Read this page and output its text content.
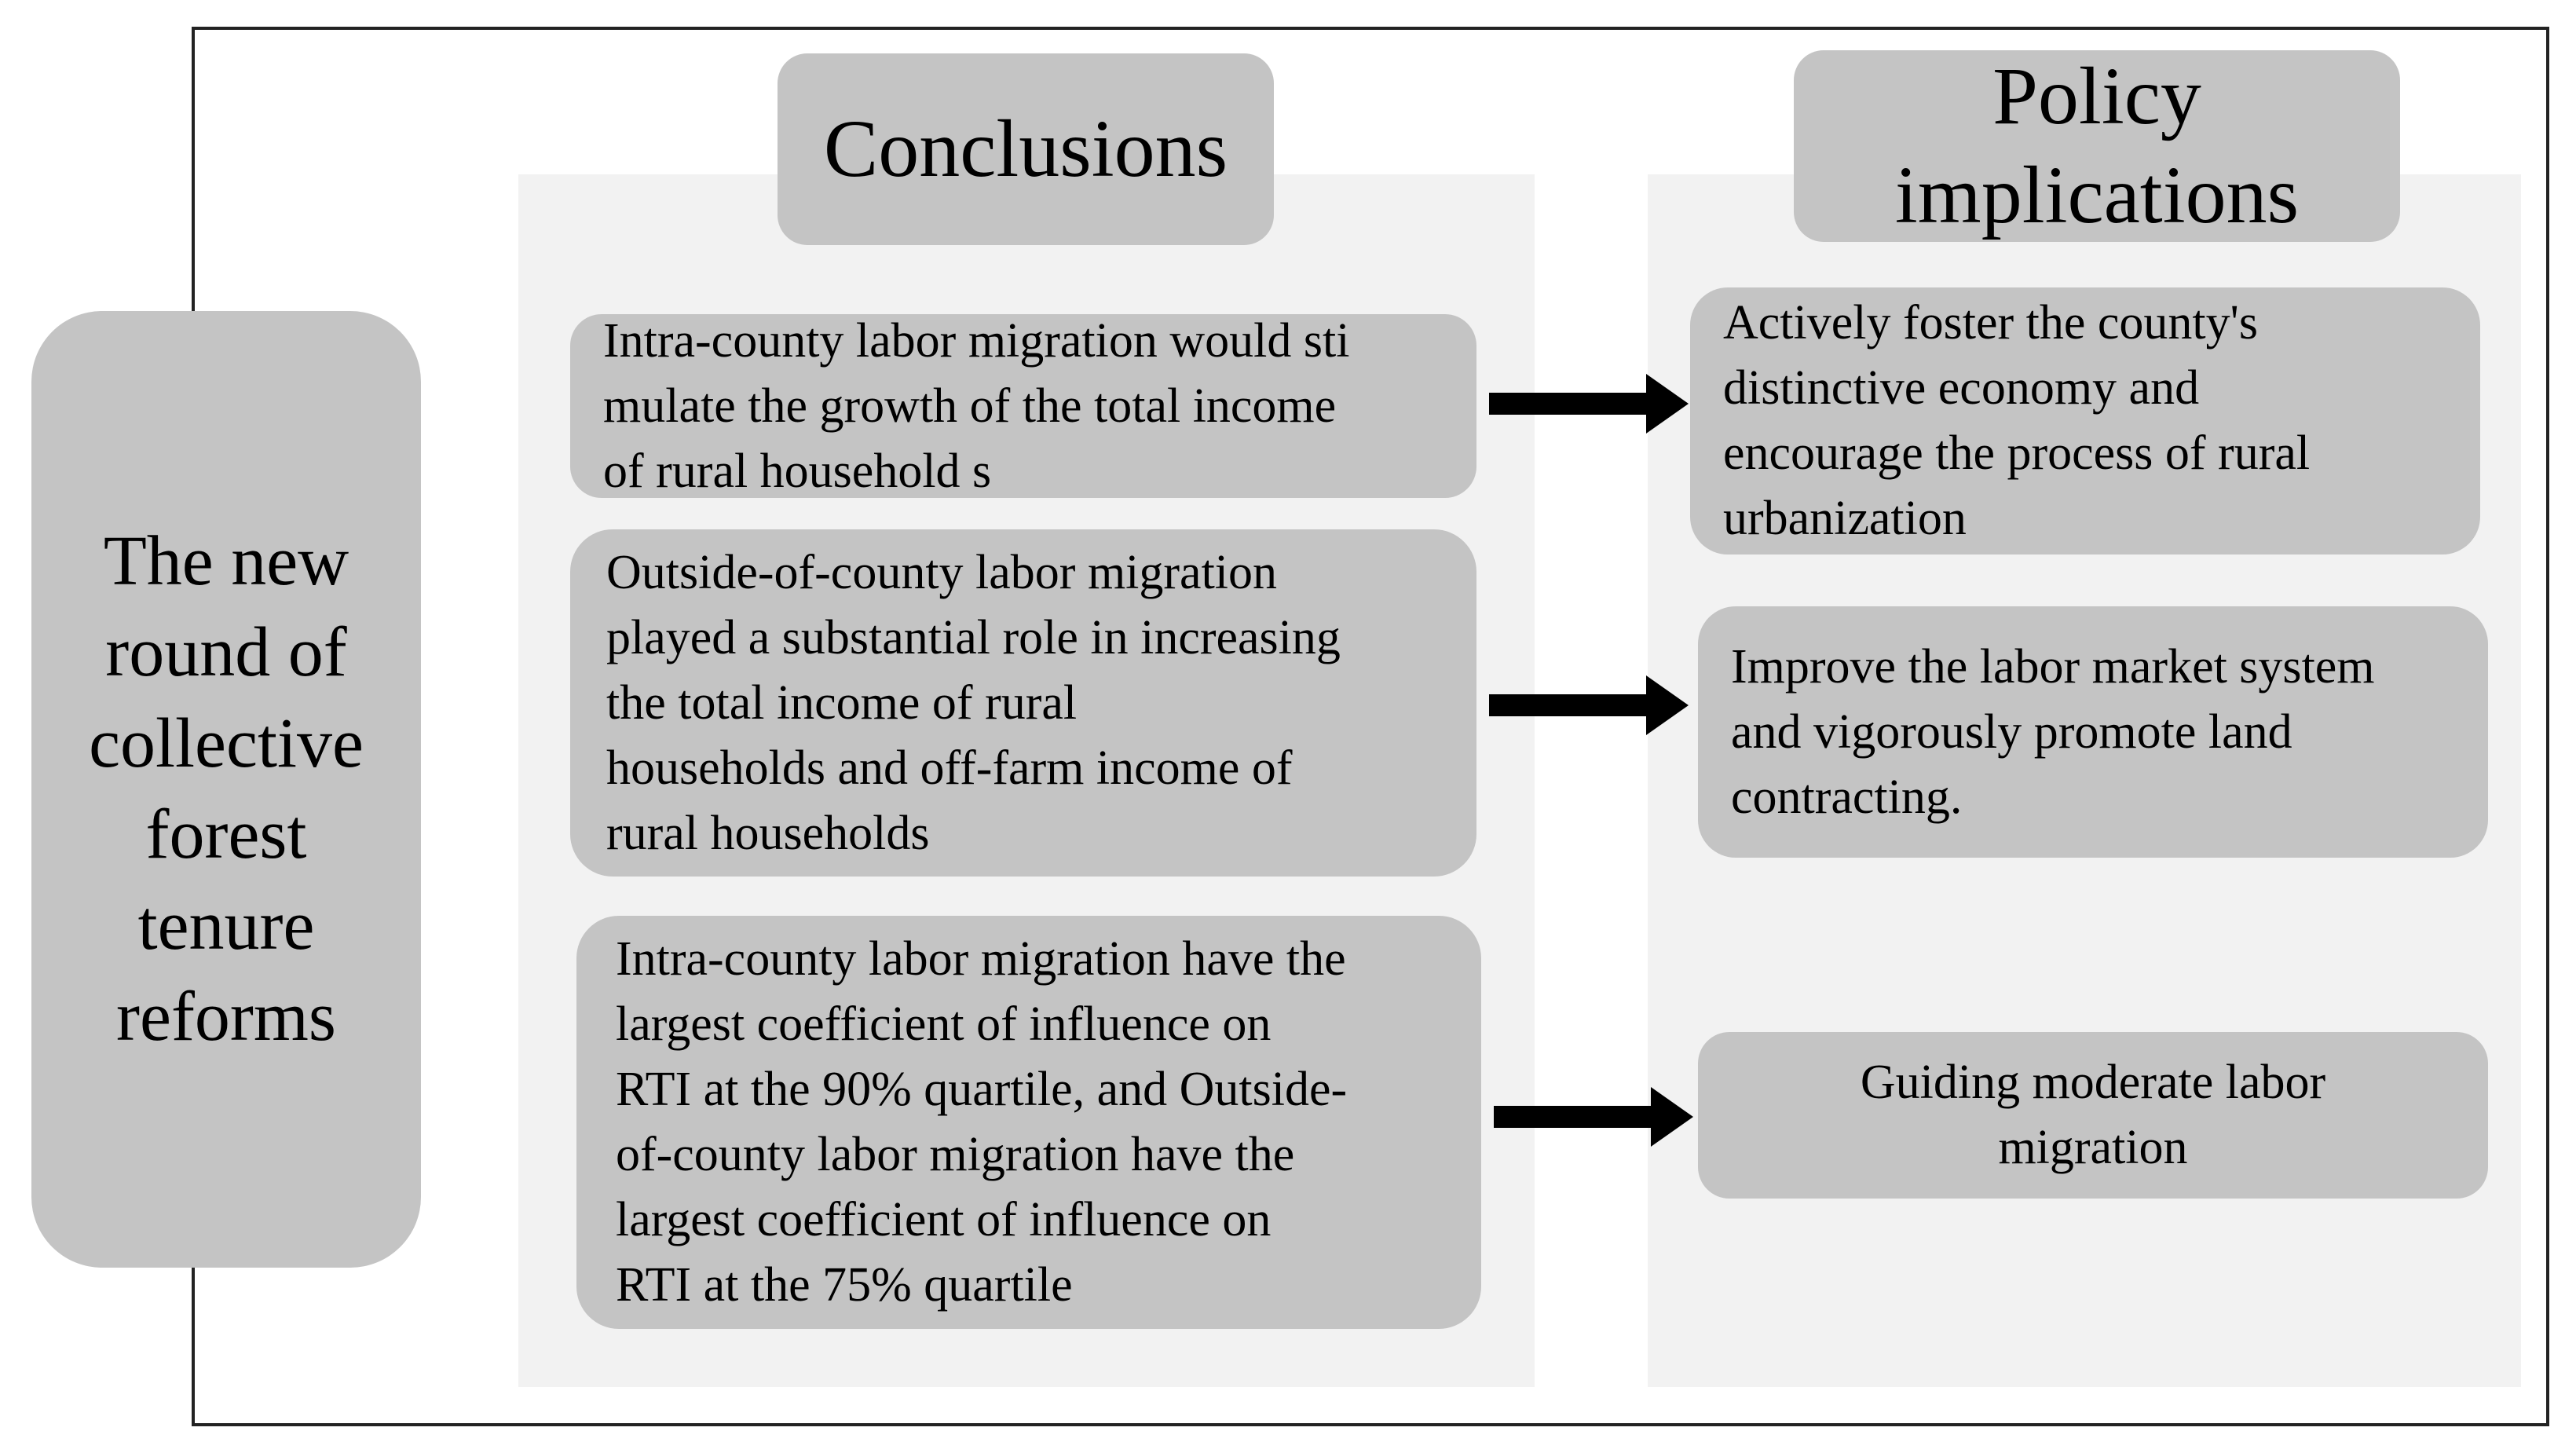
The new
round of
collective
forest
tenure
reforms
Conclusions
Policy
implications
Intra-county labor migration would sti
mulate the growth of the total income
of rural household s
Outside-of-county labor migration
played a substantial role in increasing
the total income of rural
households and off-farm income of
rural households
Intra-county labor migration have the
largest coefficient of influence on
RTI at the 90% quartile, and Outside-
of-county labor migration have the
largest coefficient of influence on
RTI at the 75% quartile
Actively foster the county's
distinctive economy and
encourage the process of rural
urbanization
Improve the labor market system
and vigorously promote land
contracting.
Guiding moderate labor
migration
